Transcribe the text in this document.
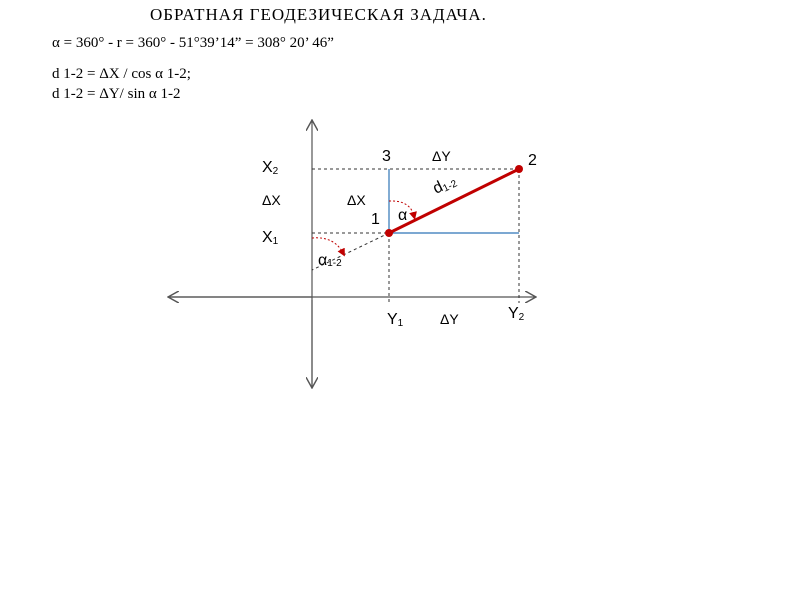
ОБРАТНАЯ ГЕОДЕЗИЧЕСКАЯ ЗАДАЧА.
α = 360° - r = 360° - 51°39’14” = 308° 20’ 46”
d 1-2 = ΔX / cos α 1-2;
d 1-2 = ΔY/ sin α 1-2
X2
ΔX
X1
3	ΔY	2
ΔX
1 α
d1-2
α1-2
Y1	ΔY	Y2
